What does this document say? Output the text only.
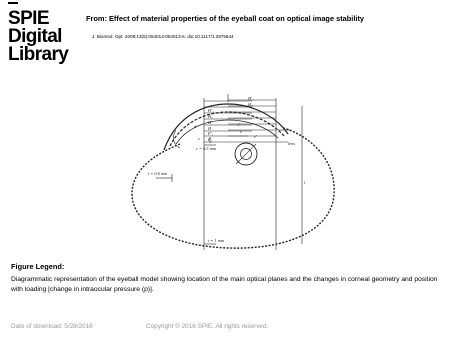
SPIE
Digital
Library
From: Effect of material properties of the eyeball coat on optical image stability
J. Biomed. Opt. 2008;13(5):054013-054013-6. doi:10.1117/1.2975844
H′₁
H₁
H′₂
H₂
H′
H
F′₁
F₁
d
lens
s
i′
z
e′
l
c = 0.5 mm
t = 0.6 mm
t = 1 mm
Figure Legend:
Diagrammatic representation of the eyeball model showing location of the main optical planes and the changes in corneal geometry and position with loading [change in intraocular pressure (p)].
Date of download: 5/28/2016	Copyright © 2016 SPIE. All rights reserved.
